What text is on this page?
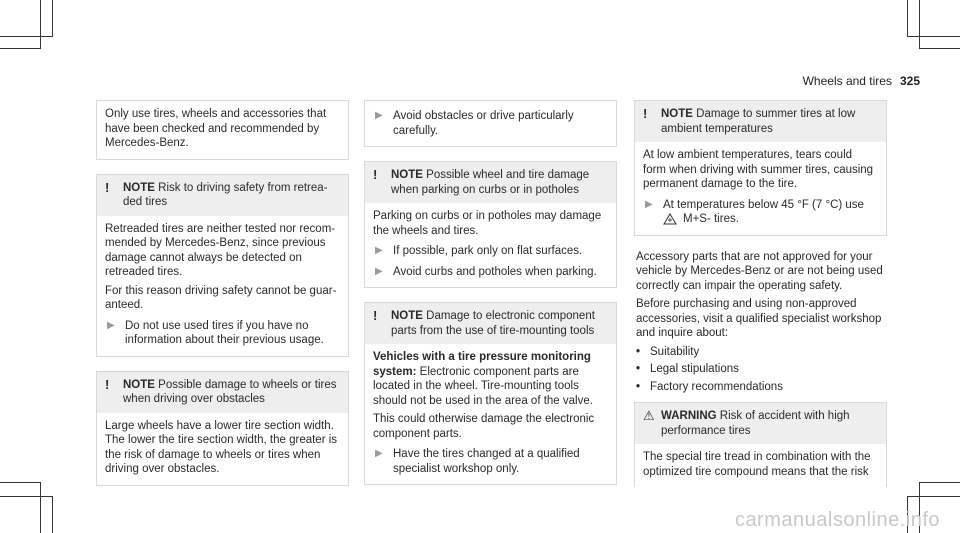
Wheels and tires 325

Only use tires, wheels and accessories that have been checked and recommended by Mercedes-Benz.

!	NOTE Risk to driving safety from retreaded tires

Retreaded tires are neither tested nor recommended by Mercedes-Benz, since previous damage cannot always be detected on retreaded tires.

For this reason driving safety cannot be guaranteed.

▶ Do not use used tires if you have no information about their previous usage.
!	NOTE Possible damage to wheels or tires when driving over obstacles

Large wheels have a lower tire section width. The lower the tire section width, the greater is the risk of damage to wheels or tires when driving over obstacles.

▶ Avoid obstacles or drive particularly carefully.
!	NOTE Possible wheel and tire damage when parking on curbs or in potholes

Parking on curbs or in potholes may damage the wheels and tires.

▶ If possible, park only on flat surfaces.
▶ Avoid curbs and potholes when parking.
!	NOTE Damage to electronic component parts from the use of tire-mounting tools

Vehicles with a tire pressure monitoring system: Electronic component parts are located in the wheel. Tire-mounting tools should not be used in the area of the valve.

This could otherwise damage the electronic component parts.

▶ Have the tires changed at a qualified specialist workshop only.
!	NOTE Damage to summer tires at low ambient temperatures

At low ambient temperatures, tears could form when driving with summer tires, causing permanent damage to the tire.

▶ At temperatures below 45 °F (7 °C) use
M+S- tires.

Accessory parts that are not approved for your vehicle by Mercedes-Benz or are not being used correctly can impair the operating safety.

Before purchasing and using non-approved accessories, visit a qualified specialist workshop and inquire about:

• Suitability
• Legal stipulations
• Factory recommendations
⚠ WARNING Risk of accident with high performance tires

The special tire tread in combination with the optimized tire compound means that the risk

carmanualsonline.info
